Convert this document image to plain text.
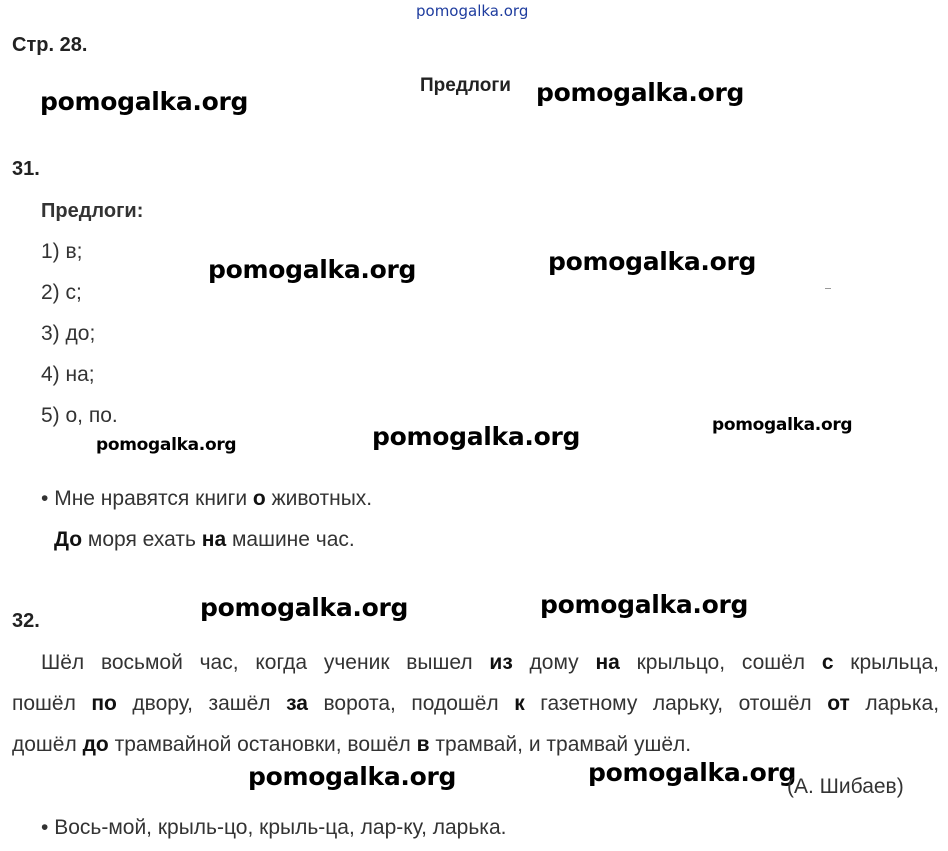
pomogalka.org
Стр. 28.
Предлоги
pomogalka.org	pomogalka.org
pomogalka.org	pomogalka.org
pomogalka.org	pomogalka.org	pomogalka.org
pomogalka.org	pomogalka.org
pomogalka.org	pomogalka.org
31.
Предлоги:
1) в;
2) с;
3) до;
4) на;
5) о, по.
• Мне нравятся книги о животных.
До моря ехать на машине час.
32.
Шёл восьмой час, когда ученик вышел из дому на крыльцо, сошёл с крыльца,
пошёл по двору, зашёл за ворота, подошёл к газетному ларьку, отошёл от ларька,
дошёл до трамвайной остановки, вошёл в трамвай, и трамвай ушёл.
(А. Шибаев)
• Вось-мой, крыль-цо, крыль-ца, лар-ку, ларька.
